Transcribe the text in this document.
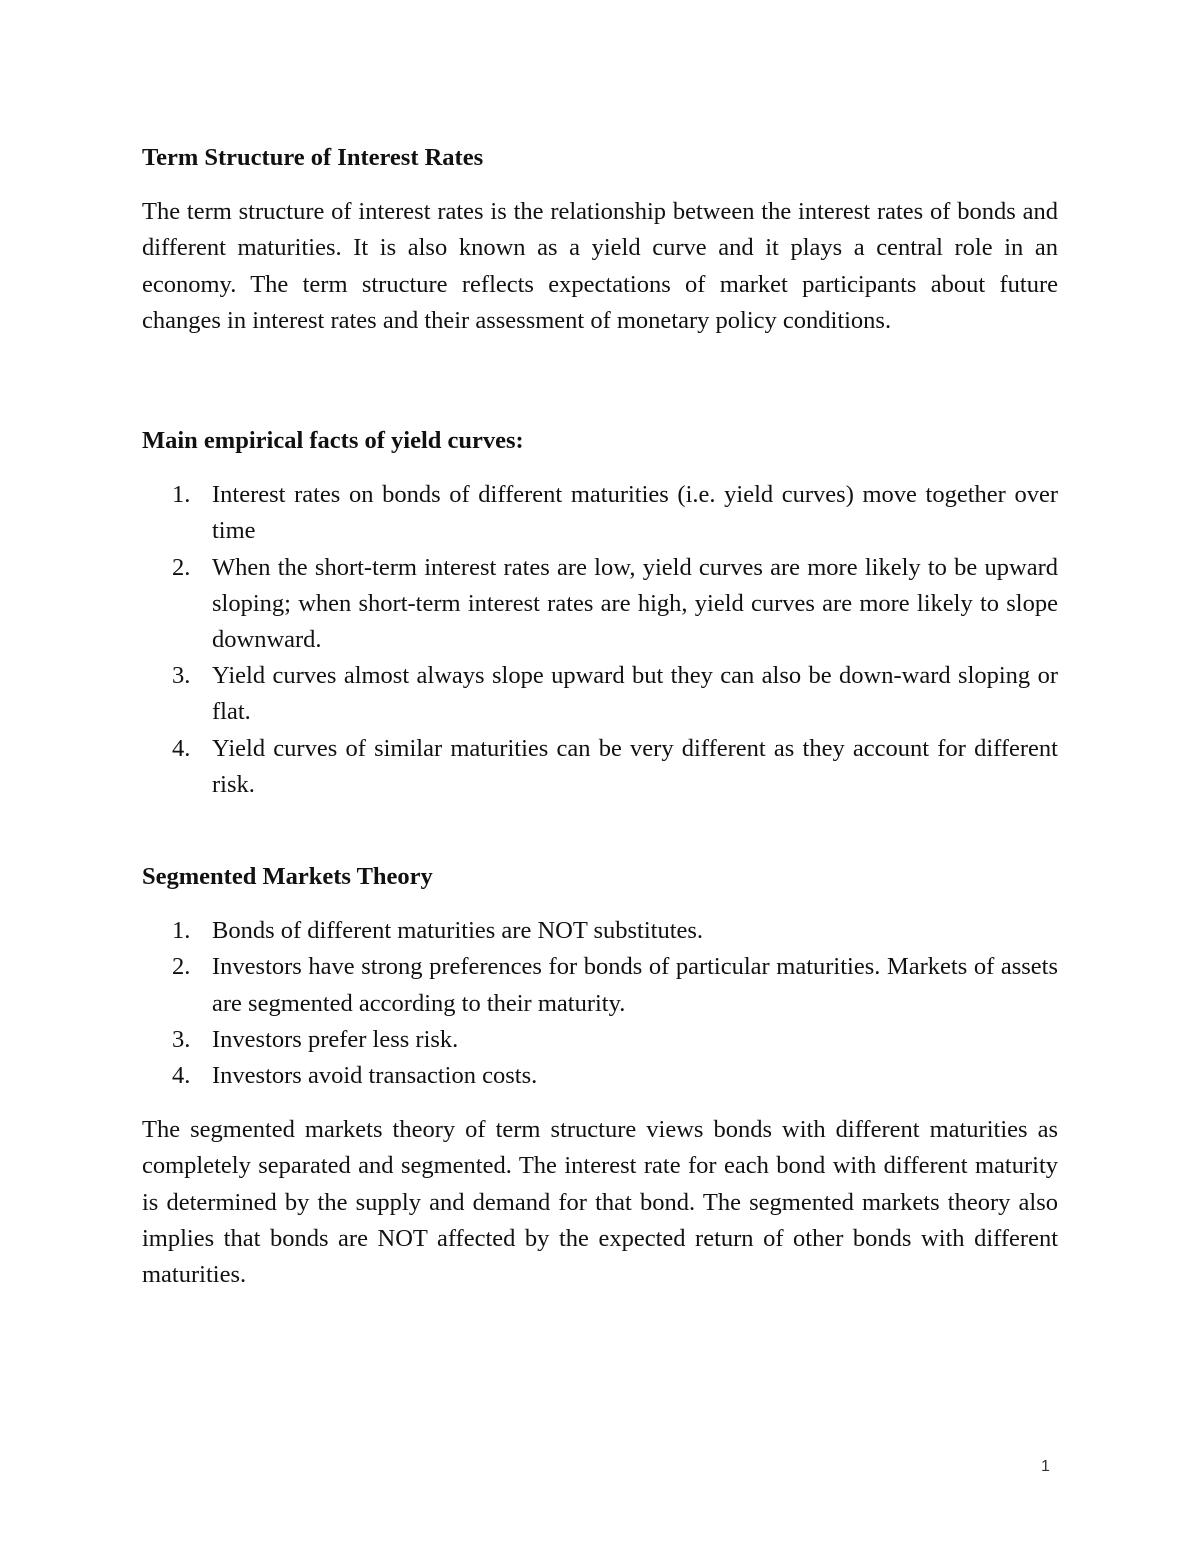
Term Structure of Interest Rates

The term structure of interest rates is the relationship between the interest rates of bonds and different maturities. It is also known as a yield curve and it plays a central role in an economy. The term structure reflects expectations of market participants about future changes in interest rates and their assessment of monetary policy conditions.

Main empirical facts of yield curves:

1. Interest rates on bonds of different maturities (i.e. yield curves) move together over time
2. When the short-term interest rates are low, yield curves are more likely to be upward sloping; when short-term interest rates are high, yield curves are more likely to slope downward.
3. Yield curves almost always slope upward but they can also be down-ward sloping or flat.
4. Yield curves of similar maturities can be very different as they account for different risk.

Segmented Markets Theory

1. Bonds of different maturities are NOT substitutes.
2. Investors have strong preferences for bonds of particular maturities. Markets of assets are segmented according to their maturity.
3. Investors prefer less risk.
4. Investors avoid transaction costs.

The segmented markets theory of term structure views bonds with different maturities as completely separated and segmented. The interest rate for each bond with different maturity is determined by the supply and demand for that bond. The segmented markets theory also implies that bonds are NOT affected by the expected return of other bonds with different maturities.

1
